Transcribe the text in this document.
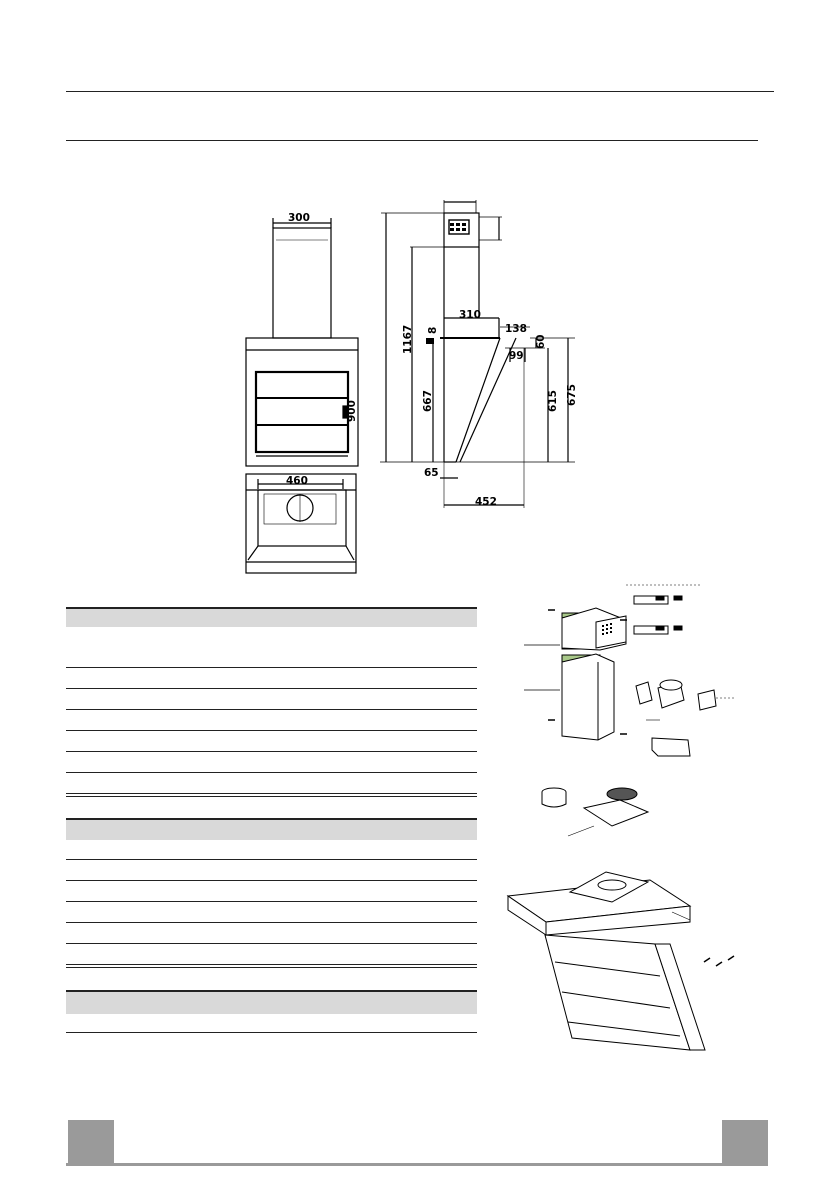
300
900
460
1167
310
8	138
60
99
667	615 675
65
452
